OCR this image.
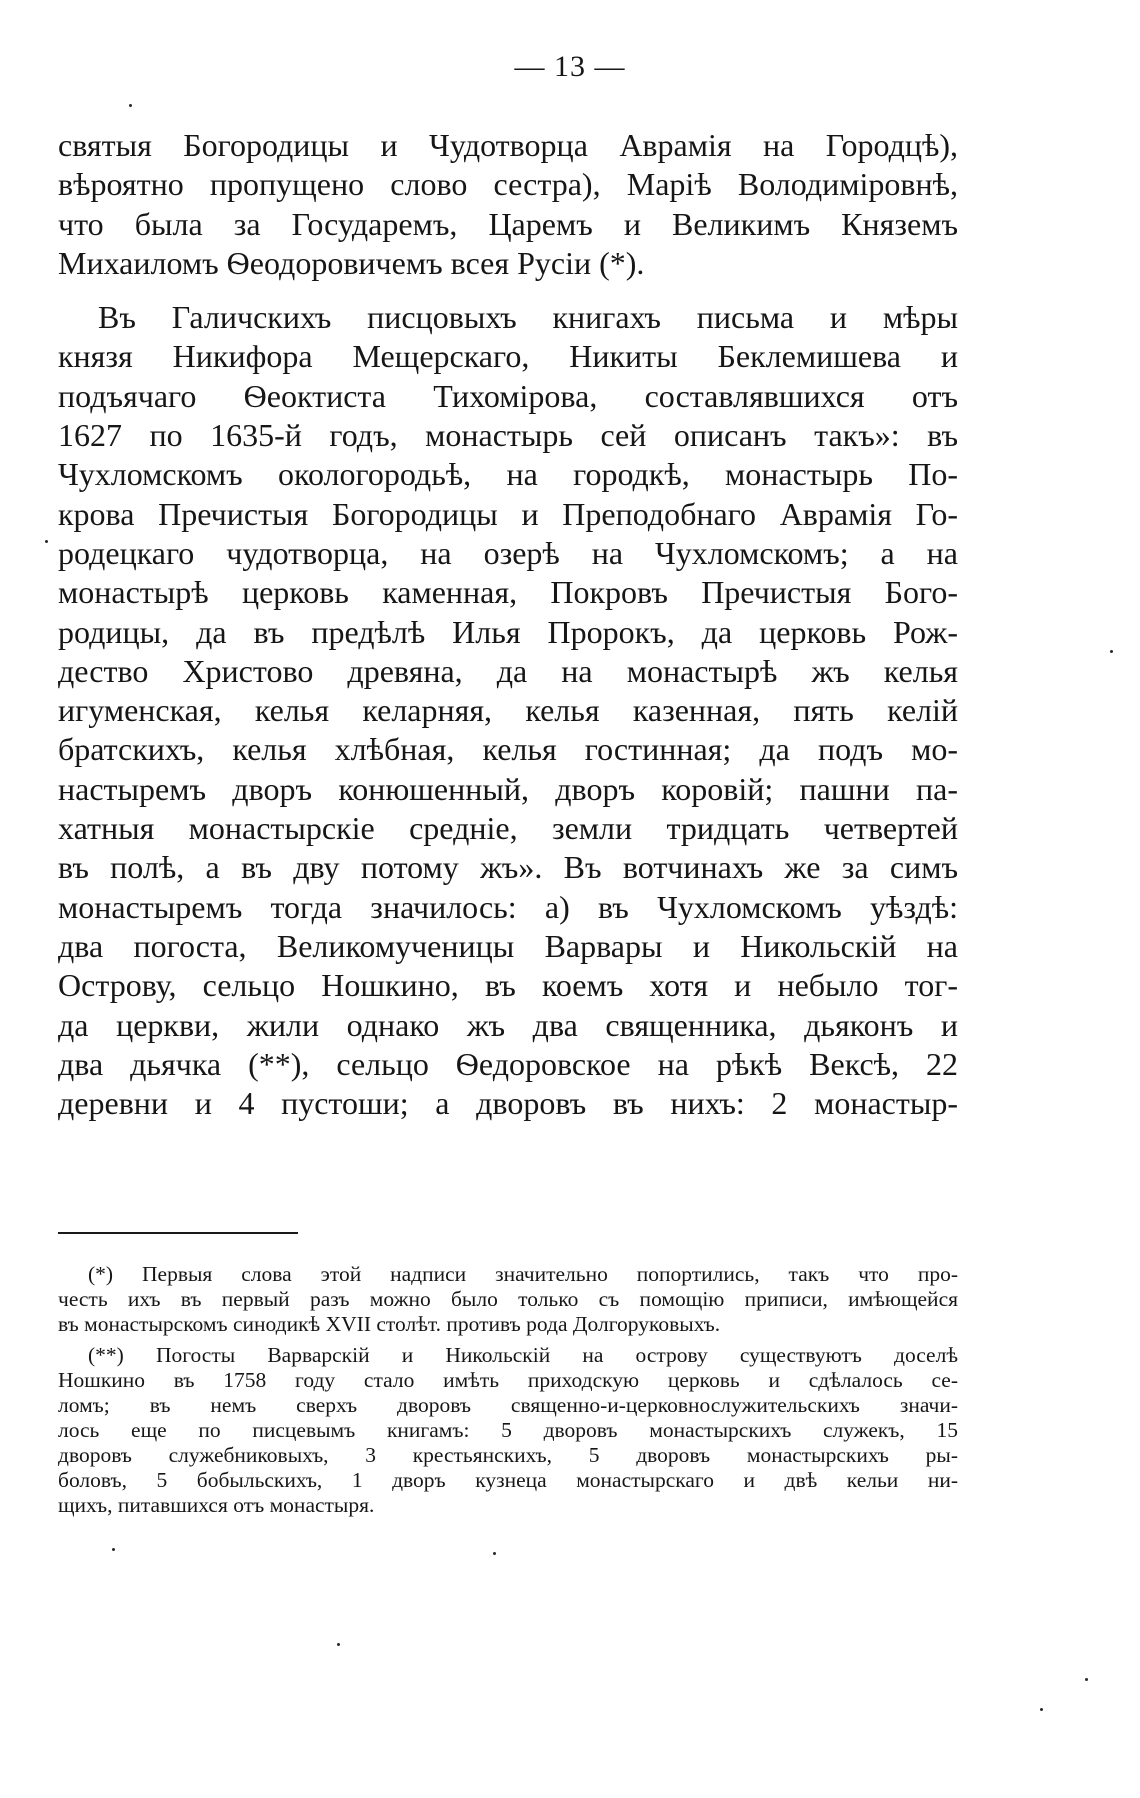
— 13 —
святыя Богородицы и Чудотворца Аврамія на Городцѣ),
вѣроятно пропущено слово сестра), Маріѣ Володиміровнѣ,
что была за Государемъ, Царемъ и Великимъ Княземъ
Михаиломъ Ѳеодоровичемъ всея Русіи (*).
Въ Галичскихъ писцовыхъ книгахъ письма и мѣры
князя Никифора Мещерскаго, Никиты Беклемишева и
подъячаго Ѳеоктиста Тихомірова, составлявшихся отъ
1627 по 1635-й годъ, монастырь сей описанъ такъ»: въ
Чухломскомъ окологородьѣ, на городкѣ, монастырь По-
крова Пречистыя Богородицы и Преподобнаго Аврамія Го-
родецкаго чудотворца, на озерѣ на Чухломскомъ; а на
монастырѣ церковь каменная, Покровъ Пречистыя Бого-
родицы, да въ предѣлѣ Илья Пророкъ, да церковь Рож-
дество Христово древяна, да на монастырѣ жъ келья
игуменская, келья келарняя, келья казенная, пять келій
братскихъ, келья хлѣбная, келья гостинная; да подъ мо-
настыремъ дворъ конюшенный, дворъ коровій; пашни па-
хатныя монастырскіе средніе, земли тридцать четвертей
въ полѣ, а въ дву потому жъ». Въ вотчинахъ же за симъ
монастыремъ тогда значилось: а) въ Чухломскомъ уѣздѣ:
два погоста, Великомученицы Варвары и Никольскій на
Острову, сельцо Ношкино, въ коемъ хотя и небыло тог-
да церкви, жили однако жъ два священника, дьяконъ и
два дьячка (**), сельцо Ѳедоровское на рѣкѣ Вексѣ, 22
деревни и 4 пустоши; а дворовъ въ нихъ: 2 монастыр-
(*) Первыя слова этой надписи значительно попортились, такъ что про-
честь ихъ въ первый разъ можно было только съ помощію приписи, имѣющейся
въ монастырскомъ синодикѣ XVII столѣт. противъ рода Долгоруковыхъ.
(**) Погосты Варварскій и Никольскій на острову существуютъ доселѣ
Ношкино въ 1758 году стало имѣть приходскую церковь и сдѣлалось се-
ломъ; въ немъ сверхъ дворовъ священно-и-церковнослужительскихъ значи-
лось еще по писцевымъ книгамъ: 5 дворовъ монастырскихъ служекъ, 15
дворовъ служебниковыхъ, 3 крестьянскихъ, 5 дворовъ монастырскихъ ры-
боловъ, 5 бобыльскихъ, 1 дворъ кузнеца монастырскаго и двѣ кельи ни-
щихъ, питавшихся отъ монастыря.
